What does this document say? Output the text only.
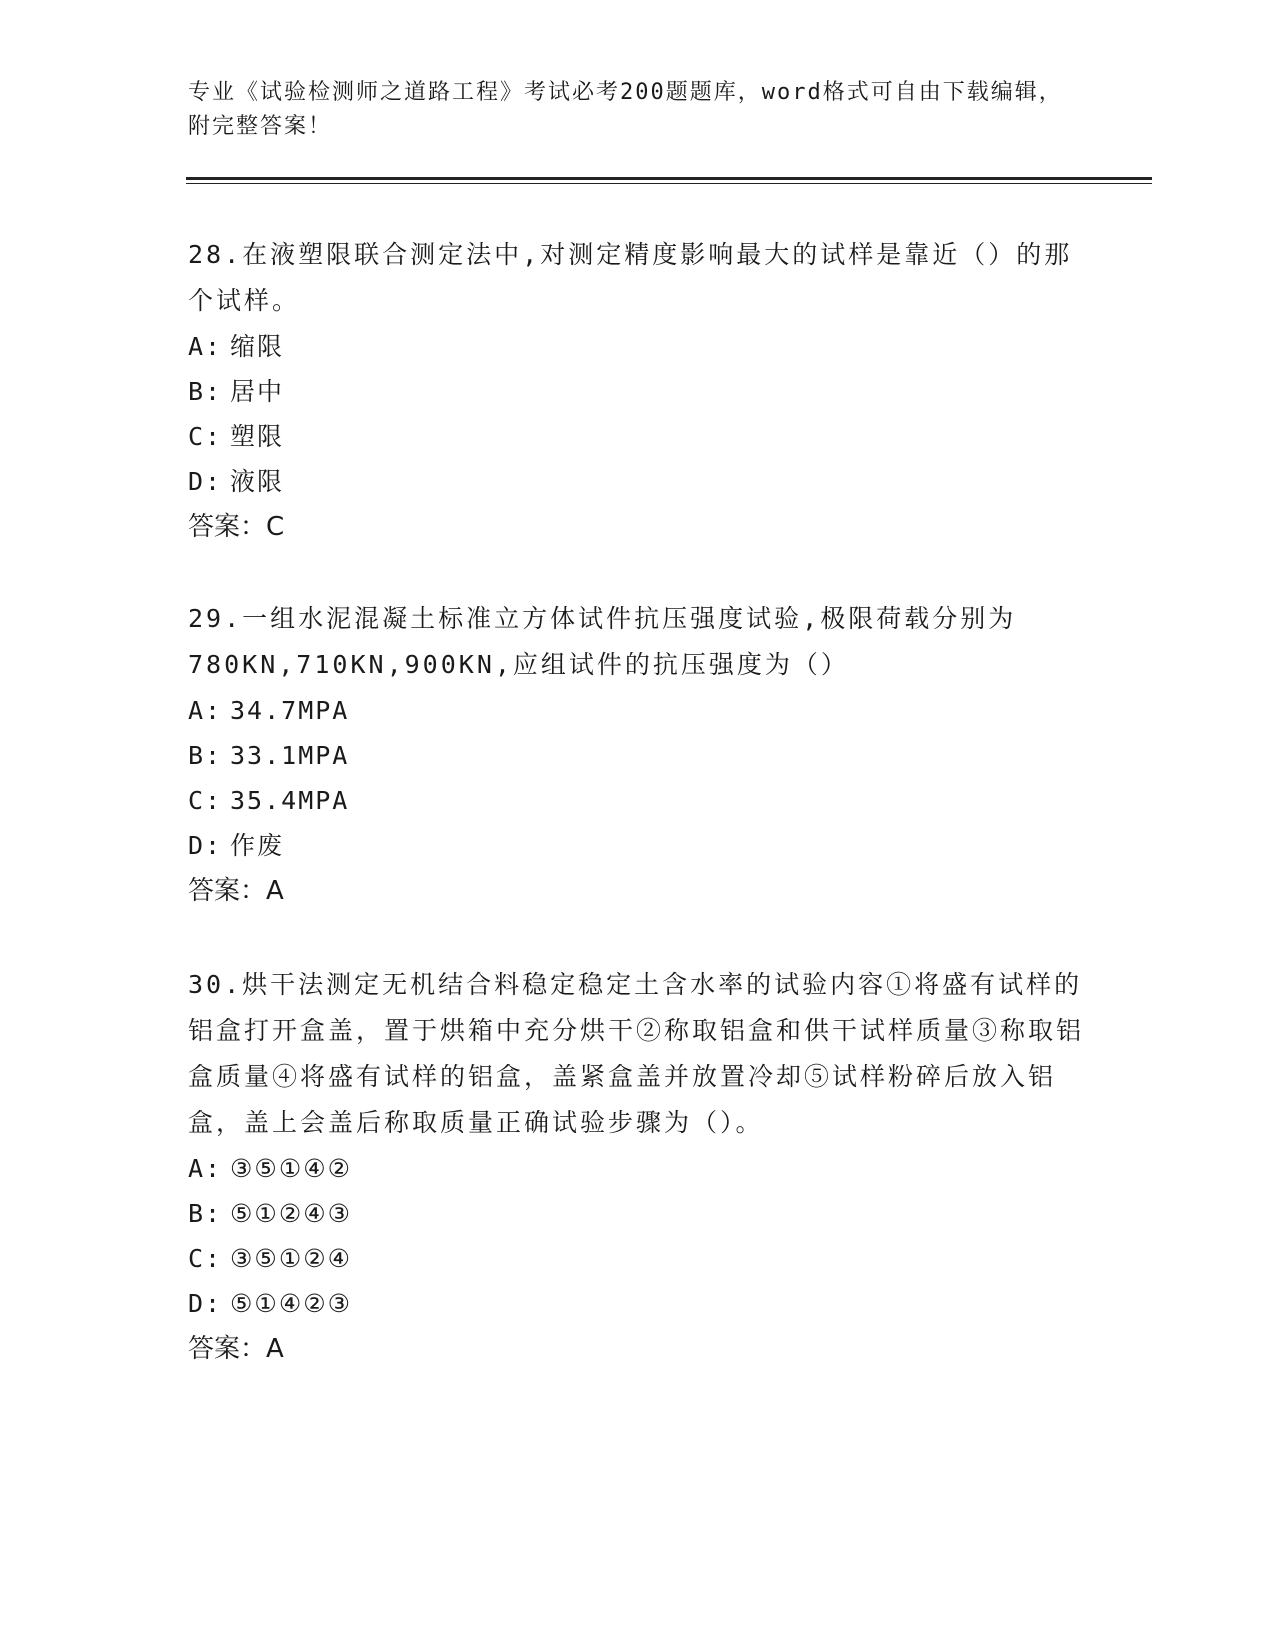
专业《试验检测师之道路工程》考试必考200题题库，word格式可自由下载编辑，附完整答案！

28.在液塑限联合测定法中,对测定精度影响最大的试样是靠近（）的那个试样。

A: 缩限
B: 居中
C: 塑限
D: 液限

答案：C

29.一组水泥混凝土标准立方体试件抗压强度试验,极限荷载分别为780KN,710KN,900KN,应组试件的抗压强度为（）

A: 34.7MPA
B: 33.1MPA
C: 35.4MPA
D: 作废

答案：A

30.烘干法测定无机结合料稳定稳定土含水率的试验内容①将盛有试样的铝盒打开盒盖，置于烘箱中充分烘干②称取铝盒和供干试样质量③称取铝盒质量④将盛有试样的铝盒，盖紧盒盖并放置冷却⑤试样粉碎后放入铝盒，盖上会盖后称取质量正确试验步骤为（）。

A: ③⑤①④②
B: ⑤①②④③
C: ③⑤①②④
D: ⑤①④②③

答案：A
